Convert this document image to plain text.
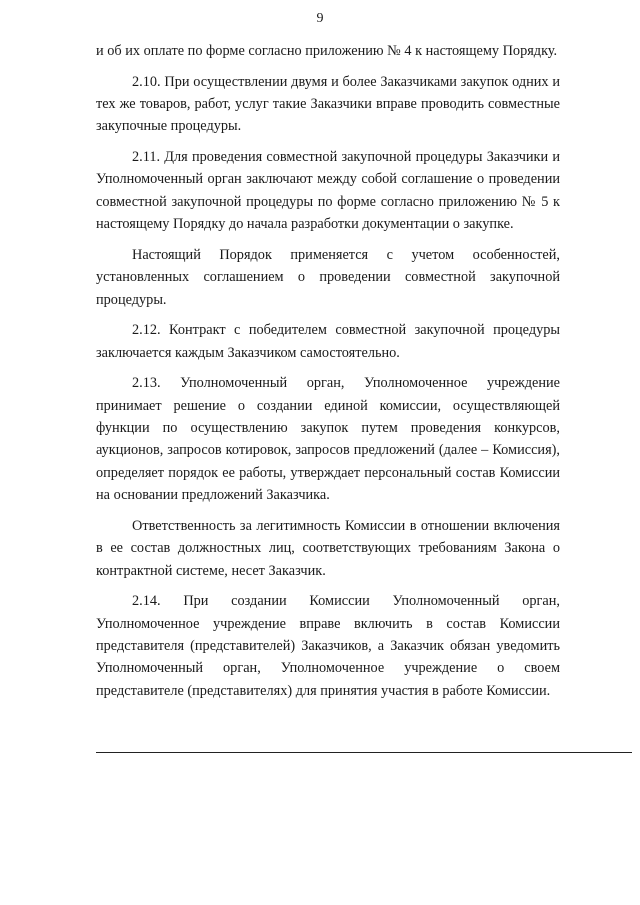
9

и об их оплате по форме согласно приложению № 4 к настоящему Порядку.

2.10. При осуществлении двумя и более Заказчиками закупок одних и тех же товаров, работ, услуг такие Заказчики вправе проводить совместные закупочные процедуры.

2.11. Для проведения совместной закупочной процедуры Заказчики и Уполномоченный орган заключают между собой соглашение о проведении совместной закупочной процедуры по форме согласно приложению № 5 к настоящему Порядку до начала разработки документации о закупке.

Настоящий Порядок применяется с учетом особенностей, установленных соглашением о проведении совместной закупочной процедуры.

2.12. Контракт с победителем совместной закупочной процедуры заключается каждым Заказчиком самостоятельно.

2.13. Уполномоченный орган, Уполномоченное учреждение принимает решение о создании единой комиссии, осуществляющей функции по осуществлению закупок путем проведения конкурсов, аукционов, запросов котировок, запросов предложений (далее – Комиссия), определяет порядок ее работы, утверждает персональный состав Комиссии на основании предложений Заказчика.

Ответственность за легитимность Комиссии в отношении включения в ее состав должностных лиц, соответствующих требованиям Закона о контрактной системе, несет Заказчик.

2.14. При создании Комиссии Уполномоченный орган, Уполномоченное учреждение вправе включить в состав Комиссии представителя (представителей) Заказчиков, а Заказчик обязан уведомить Уполномоченный орган, Уполномоченное учреждение о своем представителе (представителях) для принятия участия в работе Комиссии.
